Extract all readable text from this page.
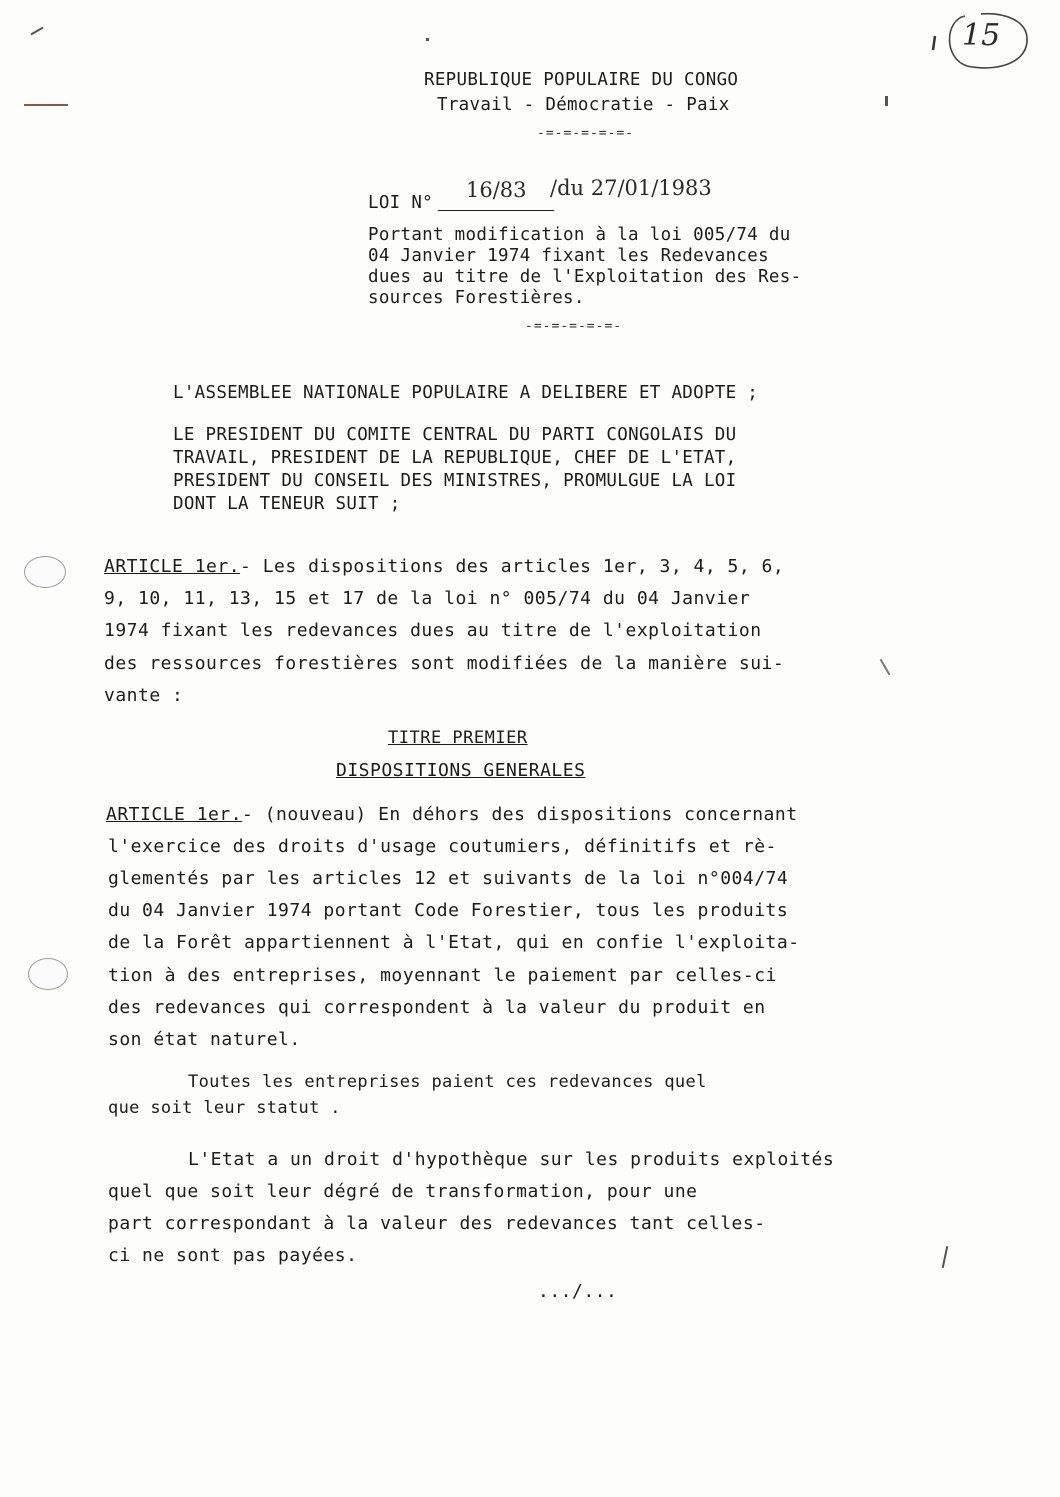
15
REPUBLIQUE POPULAIRE DU CONGO
Travail - Démocratie - Paix
-=-=-=-=-=-
LOI N°
16/83 /du 27/01/1983
Portant modification à la loi 005/74 du
04 Janvier 1974 fixant les Redevances
dues au titre de l'Exploitation des Res-
sources Forestières.
-=-=-=-=-=-
L'ASSEMBLEE NATIONALE POPULAIRE A DELIBERE ET ADOPTE ;
LE PRESIDENT DU COMITE CENTRAL DU PARTI CONGOLAIS DU
TRAVAIL, PRESIDENT DE LA REPUBLIQUE, CHEF DE L'ETAT,
PRESIDENT DU CONSEIL DES MINISTRES, PROMULGUE LA LOI
DONT LA TENEUR SUIT ;
ARTICLE 1er.- Les dispositions des articles 1er, 3, 4, 5, 6,
9, 10, 11, 13, 15 et 17 de la loi n° 005/74 du 04 Janvier
1974 fixant les redevances dues au titre de l'exploitation
des ressources forestières sont modifiées de la manière sui-
vante :
TITRE PREMIER
DISPOSITIONS GENERALES
ARTICLE 1er.- (nouveau) En déhors des dispositions concernant
l'exercice des droits d'usage coutumiers, définitifs et rè-
glementés par les articles 12 et suivants de la loi n°004/74
du 04 Janvier 1974 portant Code Forestier, tous les produits
de la Forêt appartiennent à l'Etat, qui en confie l'exploita-
tion à des entreprises, moyennant le paiement par celles-ci
des redevances qui correspondent à la valeur du produit en
son état naturel.
Toutes les entreprises paient ces redevances quel
que soit leur statut .
L'Etat a un droit d'hypothèque sur les produits exploités
quel que soit leur dégré de transformation, pour une
part correspondant à la valeur des redevances tant celles-
ci ne sont pas payées.
.../...
